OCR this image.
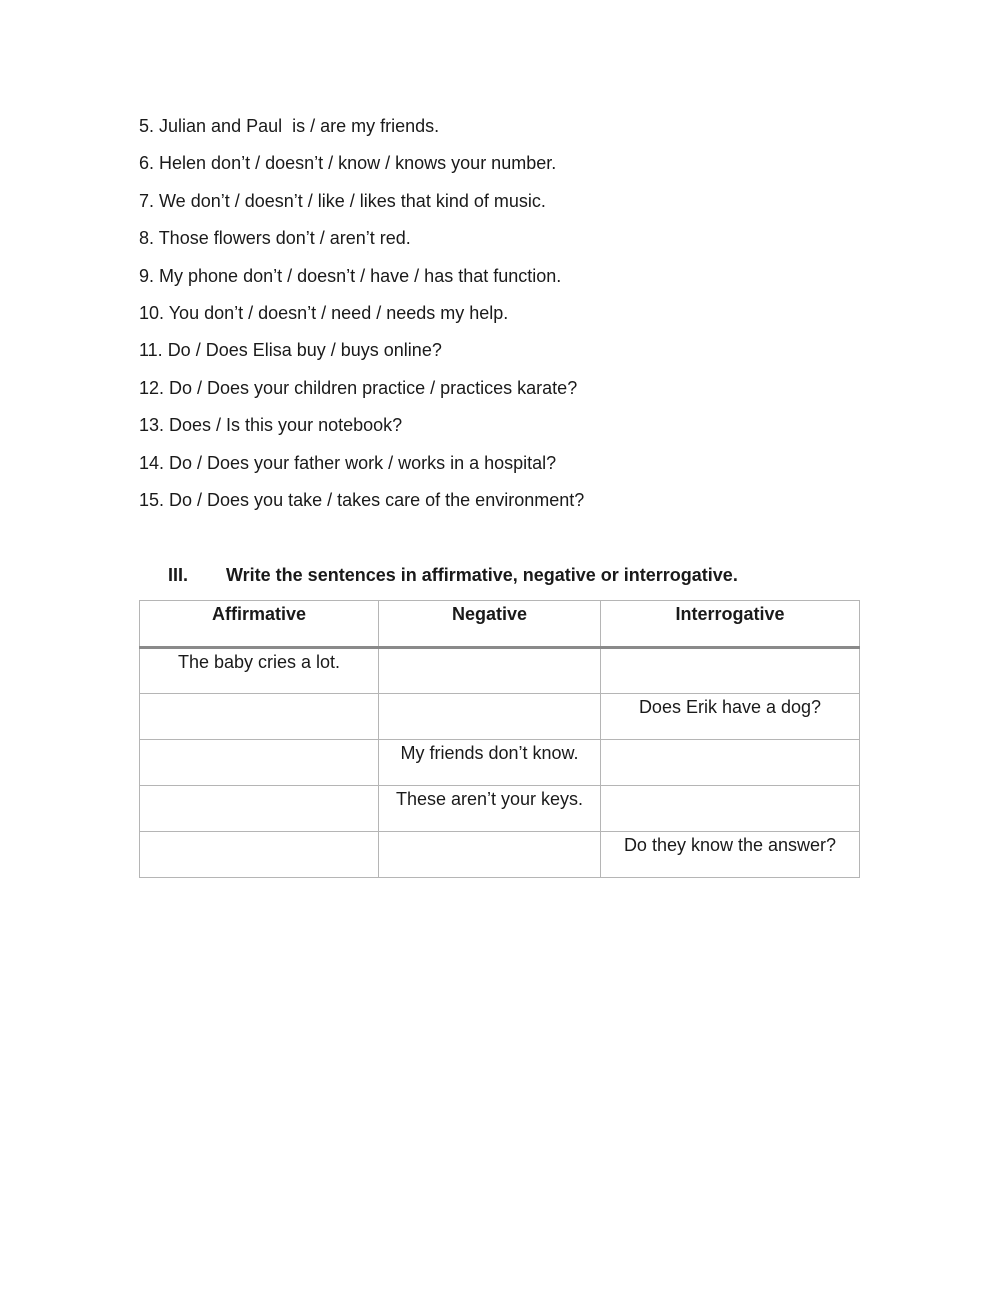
5. Julian and Paul  is / are my friends.
6. Helen don’t / doesn’t / know / knows your number.
7. We don’t / doesn’t / like / likes that kind of music.
8. Those flowers don’t / aren’t red.
9. My phone don’t / doesn’t / have / has that function.
10. You don’t / doesn’t / need / needs my help.
11. Do / Does Elisa buy / buys online?
12. Do / Does your children practice / practices karate?
13. Does / Is this your notebook?
14. Do / Does your father work / works in a hospital?
15. Do / Does you take / takes care of the environment?
III. Write the sentences in affirmative, negative or interrogative.
Affirmative	Negative	Interrogative
The baby cries a lot.		
		Does Erik have a dog?
	My friends don’t know.	
	These aren’t your keys.	
		Do they know the answer?
